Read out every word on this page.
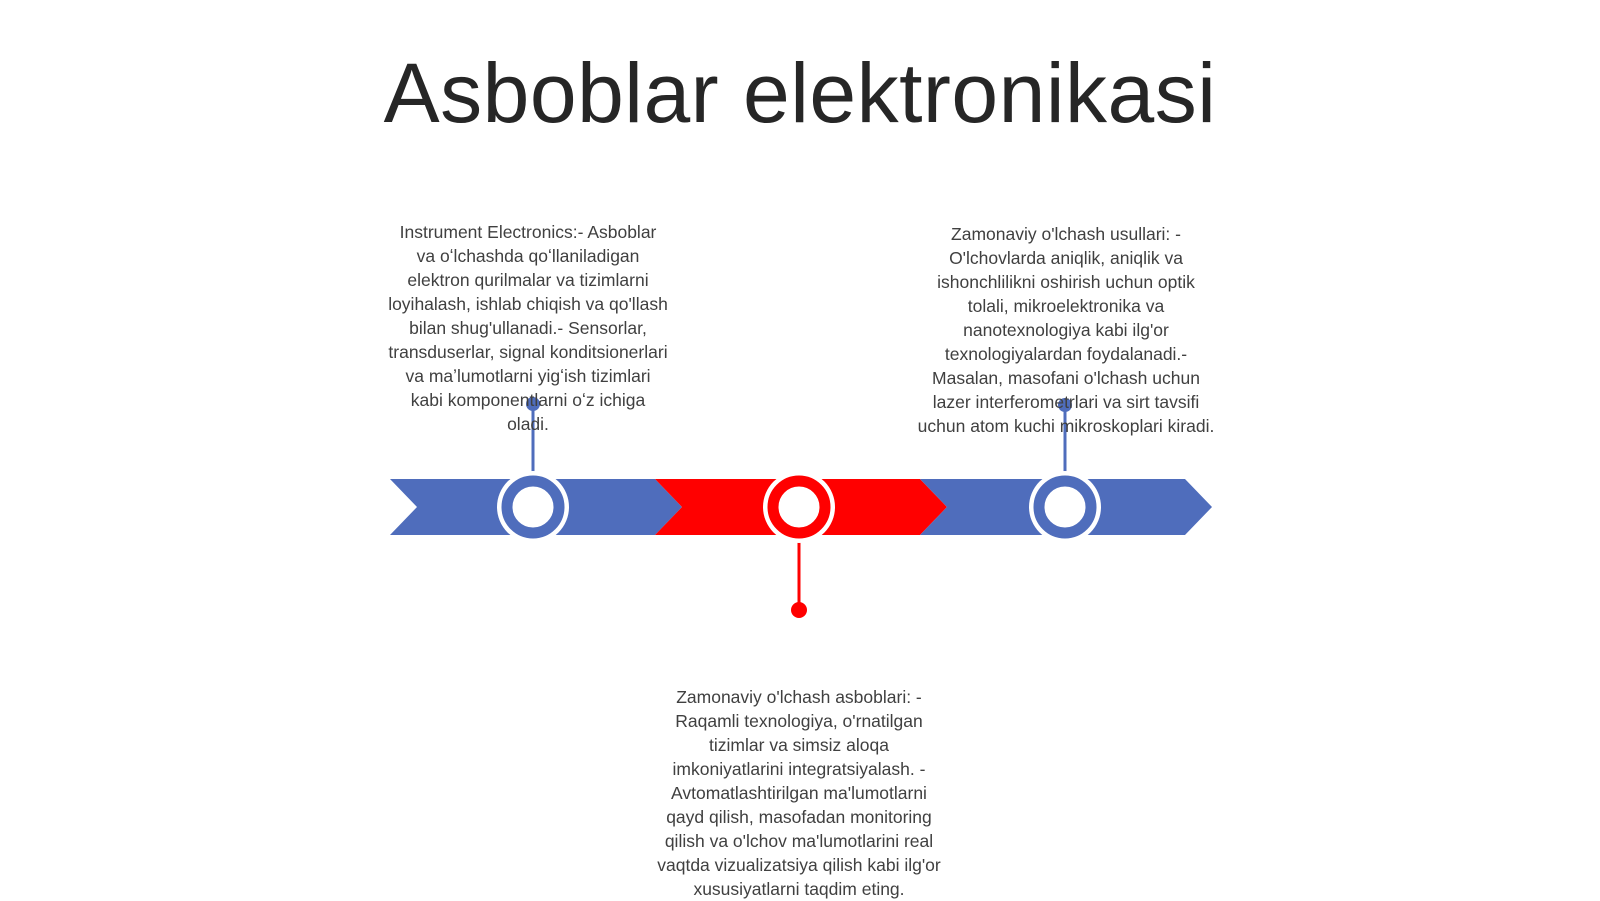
Asboblar elektronikasi
Instrument Electronics:- Asboblar va oʻlchashda qoʻllaniladigan elektron qurilmalar va tizimlarni loyihalash, ishlab chiqish va qo'llash bilan shug'ullanadi.- Sensorlar, transduserlar, signal konditsionerlari va maʼlumotlarni yigʻish tizimlari kabi komponentlarni oʻz ichiga oladi.
Zamonaviy o'lchash usullari: - O'lchovlarda aniqlik, aniqlik va ishonchlilikni oshirish uchun optik tolali, mikroelektronika va nanotexnologiya kabi ilg'or texnologiyalardan foydalanadi.- Masalan, masofani o'lchash uchun lazer interferometrlari va sirt tavsifi uchun atom kuchi mikroskoplari kiradi.
Zamonaviy o'lchash asboblari: - Raqamli texnologiya, o'rnatilgan tizimlar va simsiz aloqa imkoniyatlarini integratsiyalash. - Avtomatlashtirilgan ma'lumotlarni qayd qilish, masofadan monitoring qilish va o'lchov ma'lumotlarini real vaqtda vizualizatsiya qilish kabi ilg'or xususiyatlarni taqdim eting.
